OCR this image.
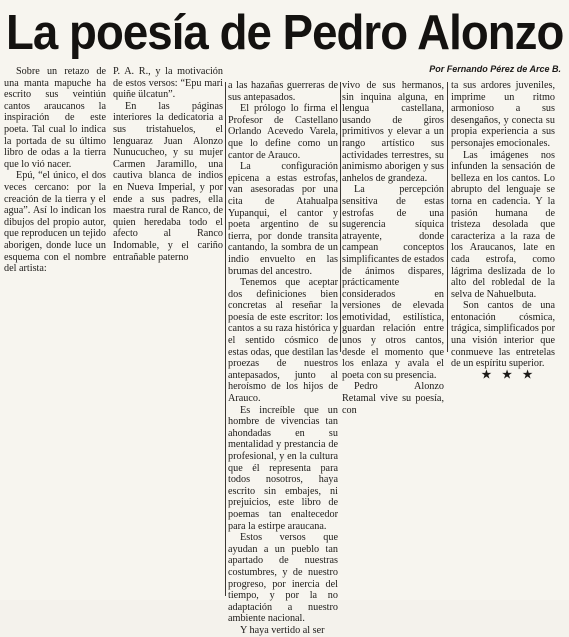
La poesía de Pedro Alonzo
Por Fernando Pérez de Arce B.

Sobre un retazo de una manta mapuche ha escrito sus veintiún cantos araucanos la inspiración de este poeta. Tal cual lo indica la portada de su último libro de odas a la tierra que lo vió nacer.

Epú, “el único, el dos veces cercano: por la creación de la tierra y el agua”. Así lo indican los dibujos del propio autor, que reproducen un tejido aborigen, donde luce un esquema con el nombre del artista:

P. A. R., y la motivación de estos versos: “Epu mari quiñe ülcatun”.

En las páginas interiores la dedicatoria a sus tristahuelos, el lenguaraz Juan Alonzo Nunucucheo, y su mujer Carmen Jaramillo, una cautiva blanca de indios en Nueva Imperial, y por ende a sus padres, ella maestra rural de Ranco, de quien heredaba todo el afecto al Ranco Indomable, y el cariño entrañable paterno

a las hazañas guerreras de sus antepasados.

El prólogo lo firma el Profesor de Castellano Orlando Acevedo Varela, que lo define como un cantor de Arauco.

La configuración epicena a estas estrofas, van asesoradas por una cita de Atahualpa Yupanqui, el cantor y poeta argentino de su tierra, por donde transita cantando, la sombra de un indio envuelto en las brumas del ancestro.

Tenemos que aceptar dos definiciones bien concretas al reseñar la poesía de este escritor: los cantos a su raza histórica y el sentido cósmico de estas odas, que destilan las proezas de nuestros antepasados, junto al heroísmo de los hijos de Arauco.

Es increíble que un hombre de vivencias tan ahondadas en su mentalidad y prestancia de profesional, y en la cultura que él representa para todos nosotros, haya escrito sin embajes, ni prejuicios, este libro de poemas tan enaltecedor para la estirpe araucana.

Estos versos que ayudan a un pueblo tan apartado de nuestras costumbres, y de nuestro progreso, por inercia del tiempo, y por la no adaptación a nuestro ambiente nacional.

Y haya vertido al ser

vivo de sus hermanos, sin inquina alguna, en lengua castellana, usando de giros primitivos y elevar a un rango artístico sus actividades terrestres, su animismo aborigen y sus anhelos de grandeza.

La percepción sensitiva de estas estrofas de una sugerencia síquica atrayente, donde campean conceptos simplificantes de estados de ánimos dispares, prácticamente considerados en versiones de elevada emotividad, estilística, guardan relación entre unos y otros cantos, desde el momento que los enlaza y avala el poeta con su presencia.

Pedro Alonzo Retamal vive su poesía, con

ta sus ardores juveniles, imprime un ritmo armonioso a sus desengaños, y conecta su propia experiencia a sus personajes emocionales.

Las imágenes nos infunden la sensación de belleza en los cantos. Lo abrupto del lenguaje se torna en cadencia. Y la pasión humana de tristeza desolada que caracteriza a la raza de los Araucanos, late en cada estrofa, como lágrima deslizada de lo alto del robledal de la selva de Nahuelbuta.

Son cantos de una entonación cósmica, trágica, simplificados por una visión interior que conmueve las entretelas de un espíritu superior.

★ ★ ★
